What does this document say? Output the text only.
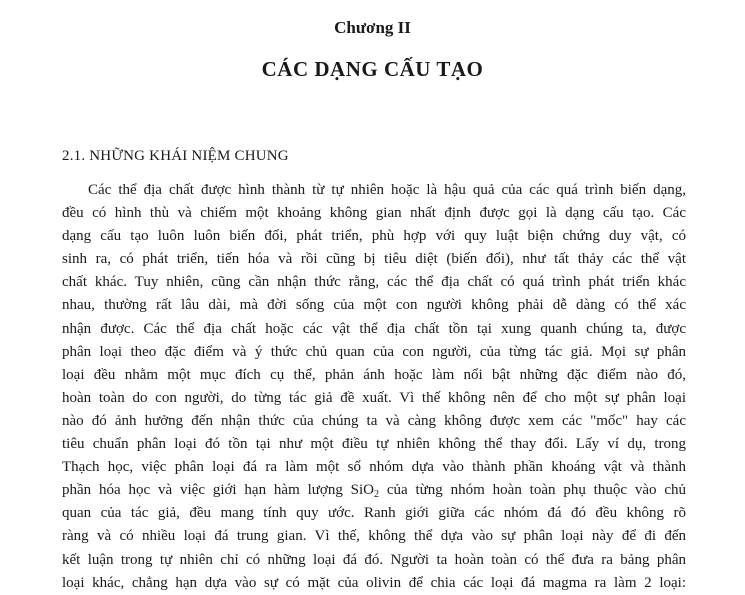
Chương II
CÁC DẠNG CẤU TẠO
2.1. NHỮNG KHÁI NIỆM CHUNG
Các thể địa chất được hình thành từ tự nhiên hoặc là hậu quả của các quá trình biến dạng,
đều có hình thù và chiếm một khoảng không gian nhất định được gọi là dạng cấu tạo. Các
dạng cấu tạo luôn luôn biến đổi, phát triển, phù hợp với quy luật biện chứng duy vật, có
sinh ra, có phát triển, tiến hóa và rồi cũng bị tiêu diệt (biến đổi), như tất thảy các thể vật
chất khác. Tuy nhiên, cũng cần nhận thức rằng, các thể địa chất có quá trình phát triển khác
nhau, thường rất lâu dài, mà đời sống của một con người không phải dễ dàng có thể xác
nhận được. Các thể địa chất hoặc các vật thể địa chất tồn tại xung quanh chúng ta, được
phân loại theo đặc điểm và ý thức chủ quan của con người, của từng tác giả. Mọi sự phân
loại đều nhằm một mục đích cụ thể, phản ánh hoặc làm nổi bật những đặc điểm nào đó,
hoàn toàn do con người, do từng tác giả đề xuất. Vì thế không nên để cho một sự phân loại
nào đó ảnh hưởng đến nhận thức của chúng ta và càng không được xem các "mốc" hay các
tiêu chuẩn phân loại đó tồn tại như một điều tự nhiên không thể thay đổi. Lấy ví dụ, trong
Thạch học, việc phân loại đá ra làm một số nhóm dựa vào thành phần khoáng vật và thành
phần hóa học và việc giới hạn hàm lượng SiO$_2$ của từng nhóm hoàn toàn phụ thuộc vào chủ
quan của tác giả, đều mang tính quy ước. Ranh giới giữa các nhóm đá đó đều không rõ
ràng và có nhiều loại đá trung gian. Vì thế, không thể dựa vào sự phân loại này để đi đến
kết luận trong tự nhiên chỉ có những loại đá đó. Người ta hoàn toàn có thể đưa ra bảng phân
loại khác, chẳng hạn dựa vào sự có mặt của olivin để chia các loại đá magma ra làm 2 loại:
